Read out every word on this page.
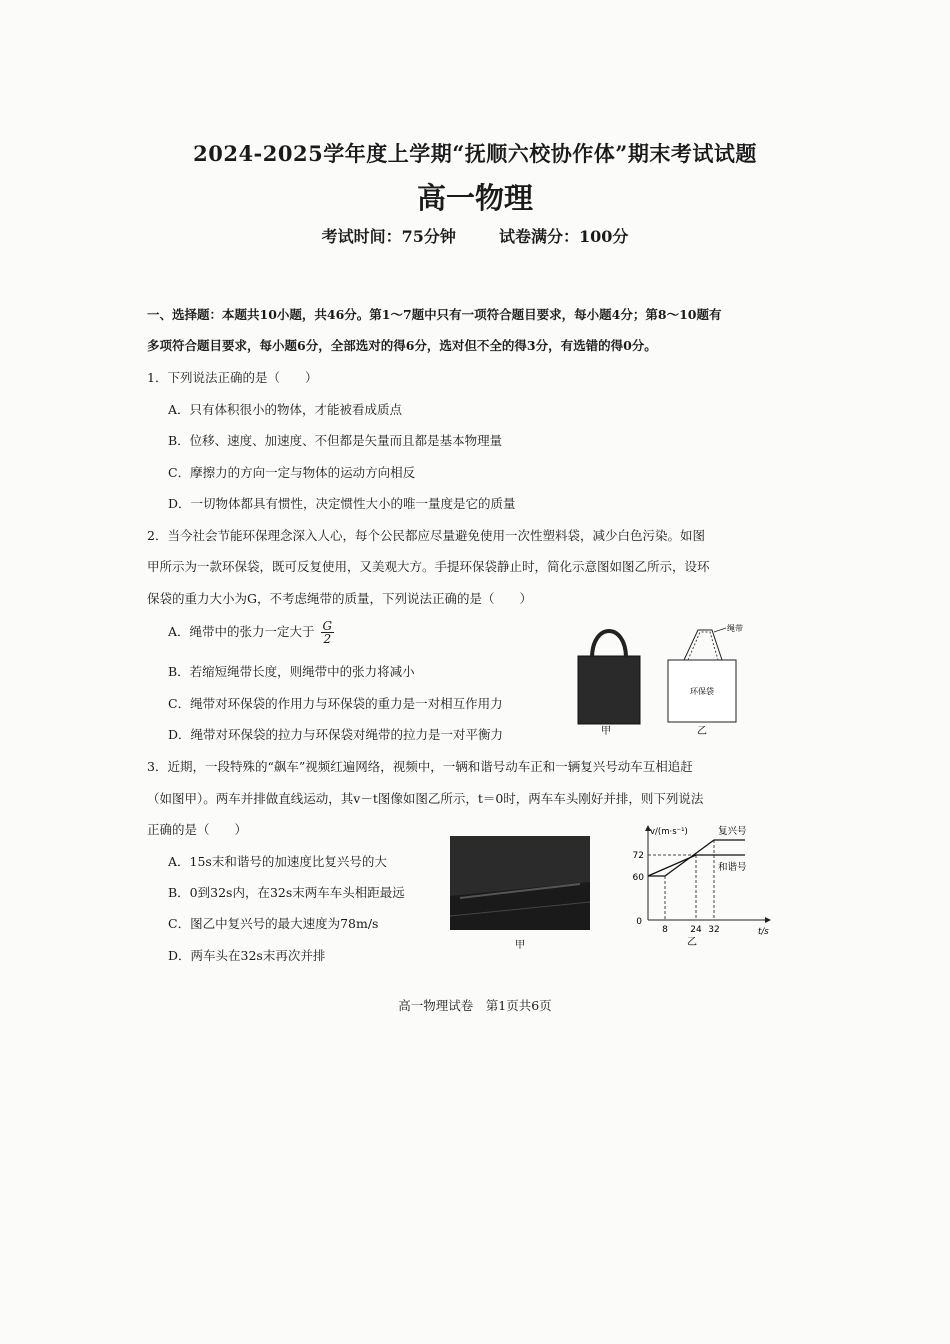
2024-2025学年度上学期“抚顺六校协作体”期末考试试题
高一物理
考试时间：75分钟	试卷满分：100分
一、选择题：本题共10小题，共46分。第1～7题中只有一项符合题目要求，每小题4分；第8～10题有
多项符合题目要求，每小题6分，全部选对的得6分，选对但不全的得3分，有选错的得0分。
1．下列说法正确的是（　　）
A．只有体积很小的物体，才能被看成质点
B．位移、速度、加速度、不但都是矢量而且都是基本物理量
C．摩擦力的方向一定与物体的运动方向相反
D．一切物体都具有惯性，决定惯性大小的唯一量度是它的质量
2．当今社会节能环保理念深入人心，每个公民都应尽量避免使用一次性塑料袋，减少白色污染。如图
甲所示为一款环保袋，既可反复使用，又美观大方。手提环保袋静止时，简化示意图如图乙所示，设环
保袋的重力大小为G，不考虑绳带的质量，下列说法正确的是（　　）
A．绳带中的张力一定大于 $\frac{G}{2}$
B．若缩短绳带长度，则绳带中的张力将减小
C．绳带对环保袋的作用力与环保袋的重力是一对相互作用力
D．绳带对环保袋的拉力与环保袋对绳带的拉力是一对平衡力	甲
绳带
环保袋
乙
3．近期，一段特殊的“飙车”视频红遍网络，视频中，一辆和谐号动车正和一辆复兴号动车互相追赶
（如图甲）。两车并排做直线运动，其v－t图像如图乙所示，t＝0时，两车车头刚好并排，则下列说法
正确的是（　　）
A．15s末和谐号的加速度比复兴号的大
B．0到32s内，在32s末两车车头相距最远
C．图乙中复兴号的最大速度为78m/s
D．两车头在32s末再次并排
甲
v/(m·s⁻¹)
t/s
72
60
0
8 24 32
复兴号
和谐号
乙
高一物理试卷　第1页共6页
